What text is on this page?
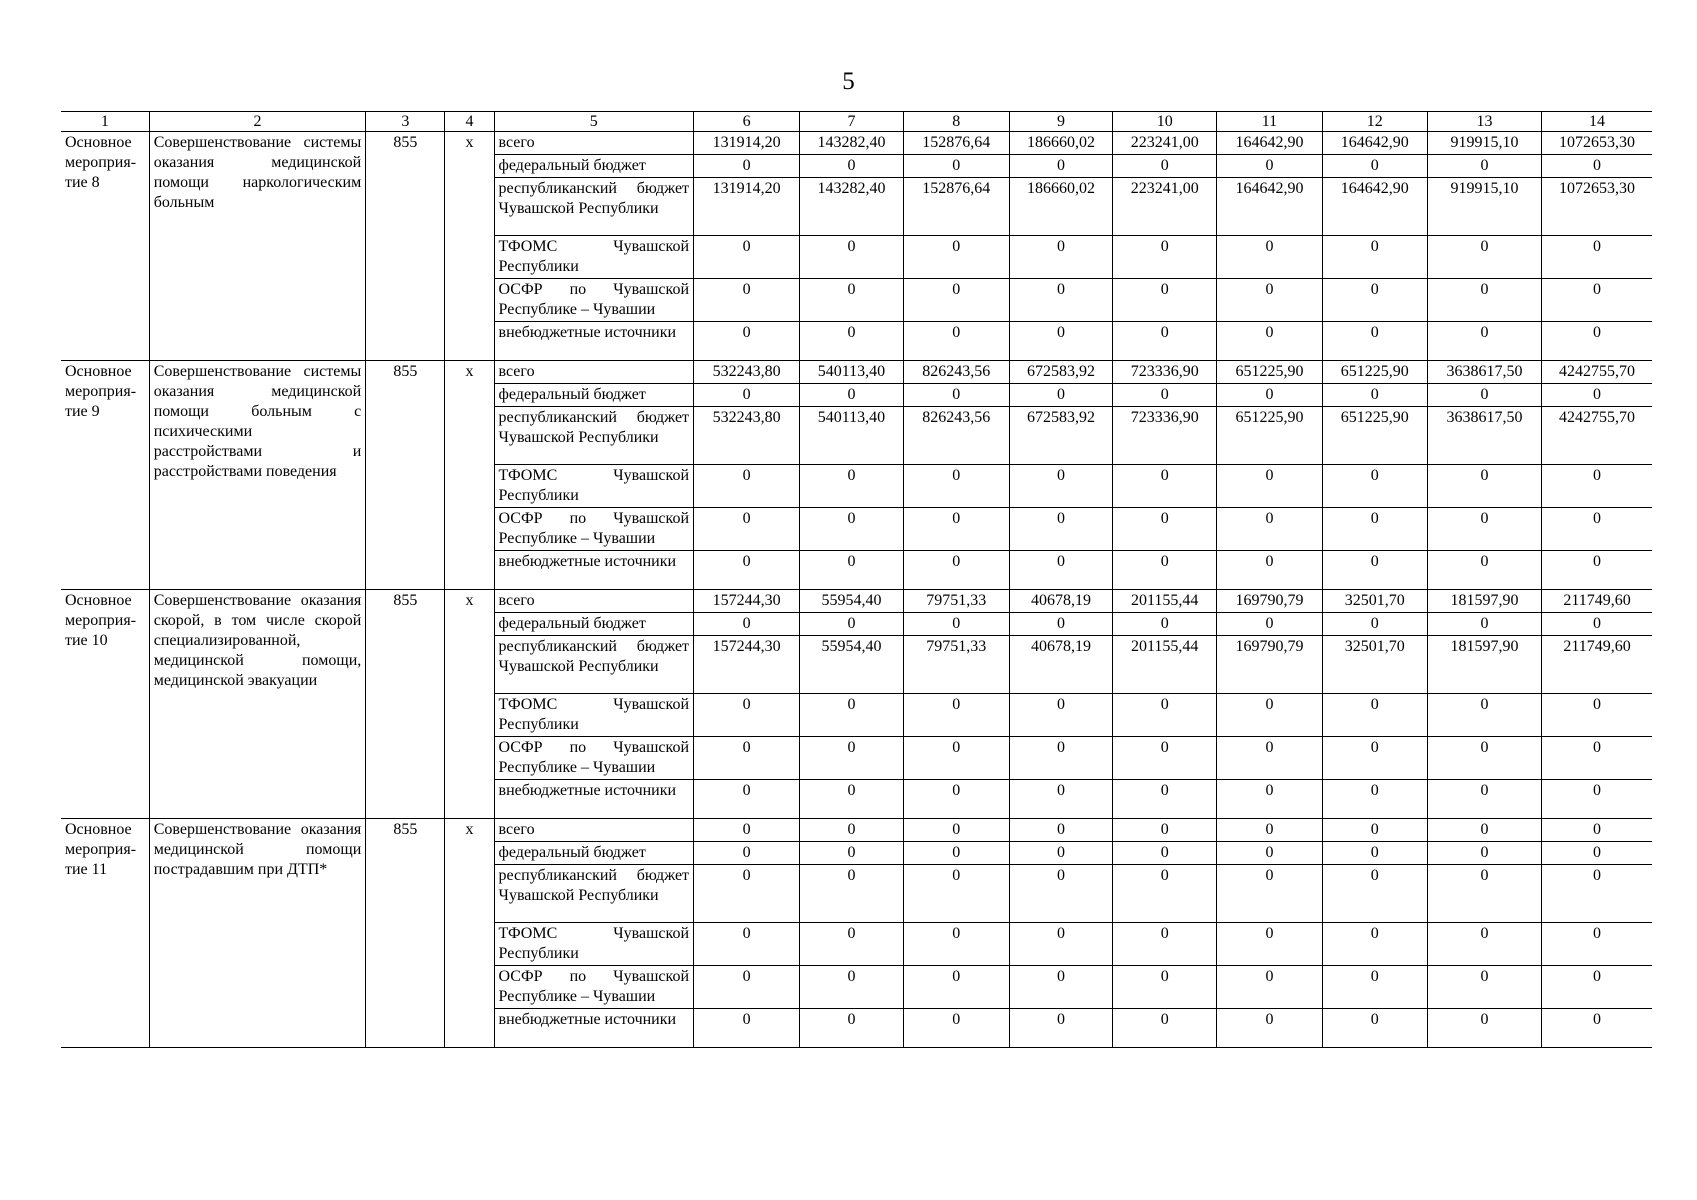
5
1	2	3	4	5	6	7	8	9	10	11	12	13	14
Основное мероприя-тие 8	Совершенствование системы оказания медицинской помощи наркологическим больным	855	х	всего	131914,20	143282,40	152876,64	186660,02	223241,00	164642,90	164642,90	919915,10	1072653,30
				федеральный бюджет	0	0	0	0	0	0	0	0	0
				республиканский бюджет Чувашской Республики	131914,20	143282,40	152876,64	186660,02	223241,00	164642,90	164642,90	919915,10	1072653,30
				ТФОМС Чувашской Республики	0	0	0	0	0	0	0	0	0
				ОСФР по Чувашской Республике – Чувашии	0	0	0	0	0	0	0	0	0
				внебюджетные источники	0	0	0	0	0	0	0	0	0
Основное мероприя-тие 9	Совершенствование системы оказания медицинской помощи больным с психическими расстройствами и расстройствами поведения	855	х	всего	532243,80	540113,40	826243,56	672583,92	723336,90	651225,90	651225,90	3638617,50	4242755,70
				федеральный бюджет	0	0	0	0	0	0	0	0	0
				республиканский бюджет Чувашской Республики	532243,80	540113,40	826243,56	672583,92	723336,90	651225,90	651225,90	3638617,50	4242755,70
				ТФОМС Чувашской Республики	0	0	0	0	0	0	0	0	0
				ОСФР по Чувашской Республике – Чувашии	0	0	0	0	0	0	0	0	0
				внебюджетные источники	0	0	0	0	0	0	0	0	0
Основное мероприя-тие 10	Совершенствование оказания скорой, в том числе скорой специализированной, медицинской помощи, медицинской эвакуации	855	х	всего	157244,30	55954,40	79751,33	40678,19	201155,44	169790,79	32501,70	181597,90	211749,60
				федеральный бюджет	0	0	0	0	0	0	0	0	0
				республиканский бюджет Чувашской Республики	157244,30	55954,40	79751,33	40678,19	201155,44	169790,79	32501,70	181597,90	211749,60
				ТФОМС Чувашской Республики	0	0	0	0	0	0	0	0	0
				ОСФР по Чувашской Республике – Чувашии	0	0	0	0	0	0	0	0	0
				внебюджетные источники	0	0	0	0	0	0	0	0	0
Основное мероприя-тие 11	Совершенствование оказания медицинской помощи пострадавшим при ДТП*	855	х	всего	0	0	0	0	0	0	0	0	0
				федеральный бюджет	0	0	0	0	0	0	0	0	0
				республиканский бюджет Чувашской Республики	0	0	0	0	0	0	0	0	0
				ТФОМС Чувашской Республики	0	0	0	0	0	0	0	0	0
				ОСФР по Чувашской Республике – Чувашии	0	0	0	0	0	0	0	0	0
				внебюджетные источники	0	0	0	0	0	0	0	0	0
